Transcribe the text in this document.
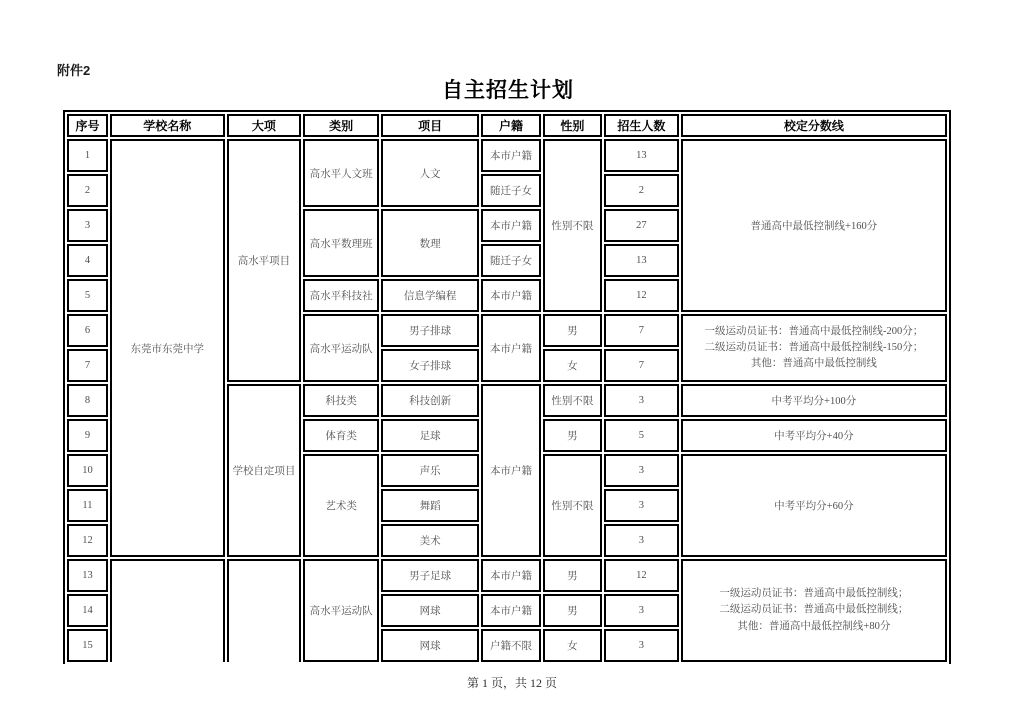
附件2
自主招生计划
序号	学校名称	大项	类别	项目	户籍	性别	招生人数	校定分数线
1	东莞市东莞中学	高水平项目	高水平人文班	人文	本市户籍	性别不限	13	普通高中最低控制线+160分
2					随迁子女		2	
3			高水平数理班	数理	本市户籍		27	
4					随迁子女		13	
5			高水平科技社	信息学编程	本市户籍		12	
6			高水平运动队	男子排球	本市户籍	男	7	一级运动员证书：普通高中最低控制线-200分；
二级运动员证书：普通高中最低控制线-150分；
其他：普通高中最低控制线

7				女子排球		女	7	
8		学校自定项目	科技类	科技创新	本市户籍	性别不限	3	中考平均分+100分
9			体育类	足球		男	5	中考平均分+40分
10			艺术类	声乐		性别不限	3	中考平均分+60分
11				舞蹈			3	
12				美术			3	
13			高水平运动队	男子足球	本市户籍	男	12	一级运动员证书：普通高中最低控制线；
二级运动员证书：普通高中最低控制线；
其他：普通高中最低控制线+80分

14				网球	本市户籍	男	3	
15				网球	户籍不限	女	3	
第 1 页，共 12 页
